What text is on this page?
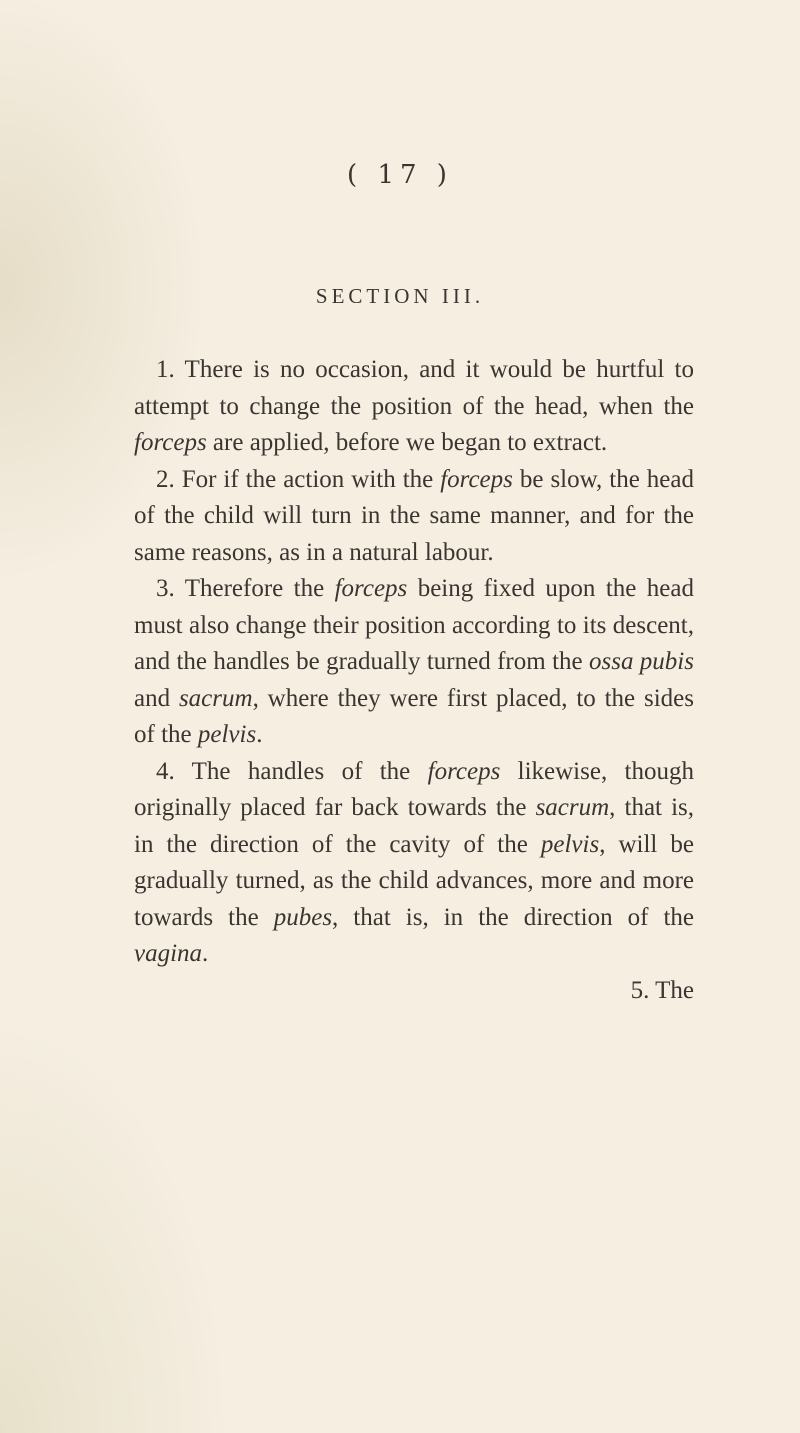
( 17 )
SECTION III.

1. There is no occasion, and it would be hurtful to attempt to change the position of the head, when the forceps are applied, before we began to extract.

2. For if the action with the forceps be slow, the head of the child will turn in the same manner, and for the same reasons, as in a natural labour.

3. Therefore the forceps being fixed upon the head must also change their position according to its descent, and the handles be gradually turned from the ossa pubis and sacrum, where they were first placed, to the sides of the pelvis.

4. The handles of the forceps likewise, though originally placed far back towards the sacrum, that is, in the direction of the cavity of the pelvis, will be gradually turned, as the child advances, more and more towards the pubes, that is, in the direction of the vagina.

5. The
